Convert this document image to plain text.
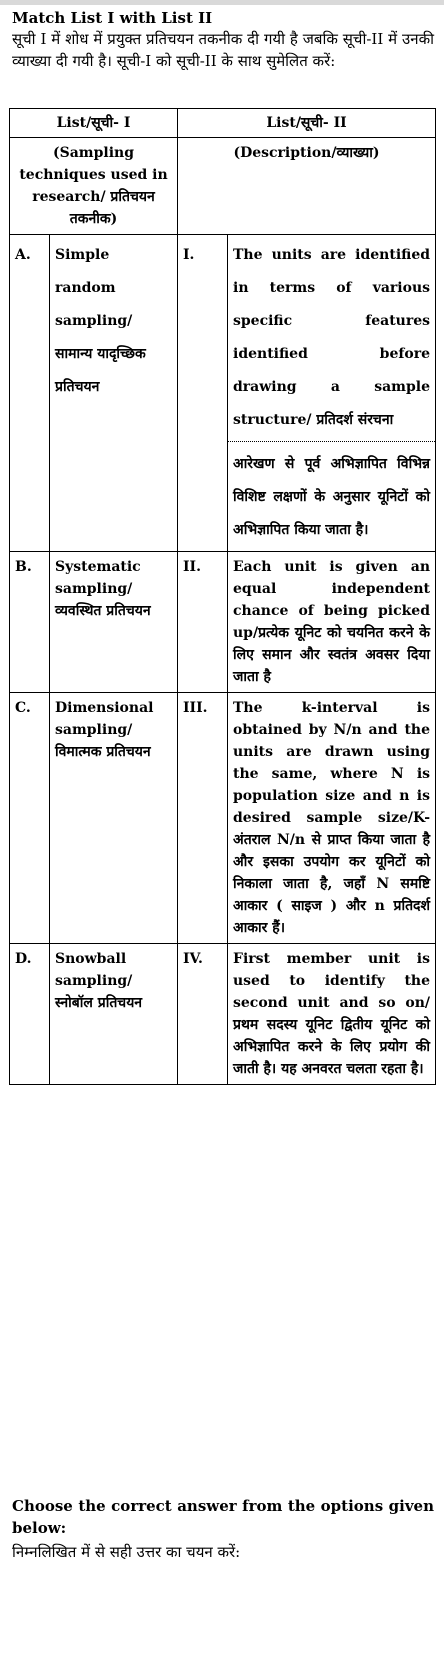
Match List I with List II
सूची I में शोध में प्रयुक्त प्रतिचयन तकनीक दी गयी है जबकि सूची-II में उनकी व्याख्या दी गयी है। सूची-I को सूची-II के साथ सुमेलित करें:
List/सूची- I		List/सूची- II	
(Sampling techniques used in research/ प्रतिचयन तकनीक)		(Description/व्याख्या)	
A.	Simple random sampling/ सामान्य यादृच्छिक प्रतिचयन	I.	The units are identified in terms of various specific features identified before drawing a sample structure/ प्रतिदर्श संरचना
आरेखण से पूर्व अभिज्ञापित विभिन्न विशिष्ट लक्षणों के अनुसार यूनिटों को अभिज्ञापित किया जाता है।

B.	Systematic sampling/ व्यवस्थित प्रतिचयन	II.	Each unit is given an equal independent chance of being picked up/प्रत्येक यूनिट को चयनित करने के लिए समान और स्वतंत्र अवसर दिया जाता है
C.	Dimensional sampling/ विमात्मक प्रतिचयन	III.	The k-interval is obtained by N/n and the units are drawn using the same, where N is population size and n is desired sample size/K- अंतराल N/n से प्राप्त किया जाता है और इसका उपयोग कर यूनिटों को निकाला जाता है, जहाँ N समष्टि आकार ( साइज ) और n प्रतिदर्श आकार हैं।
D.	Snowball sampling/ स्नोबॉल प्रतिचयन	IV.	First member unit is used to identify the second unit and so on/प्रथम सदस्य यूनिट द्वितीय यूनिट को अभिज्ञापित करने के लिए प्रयोग की जाती है। यह अनवरत चलता रहता है।
Choose the correct answer from the options given below:
निम्नलिखित में से सही उत्तर का चयन करें:
